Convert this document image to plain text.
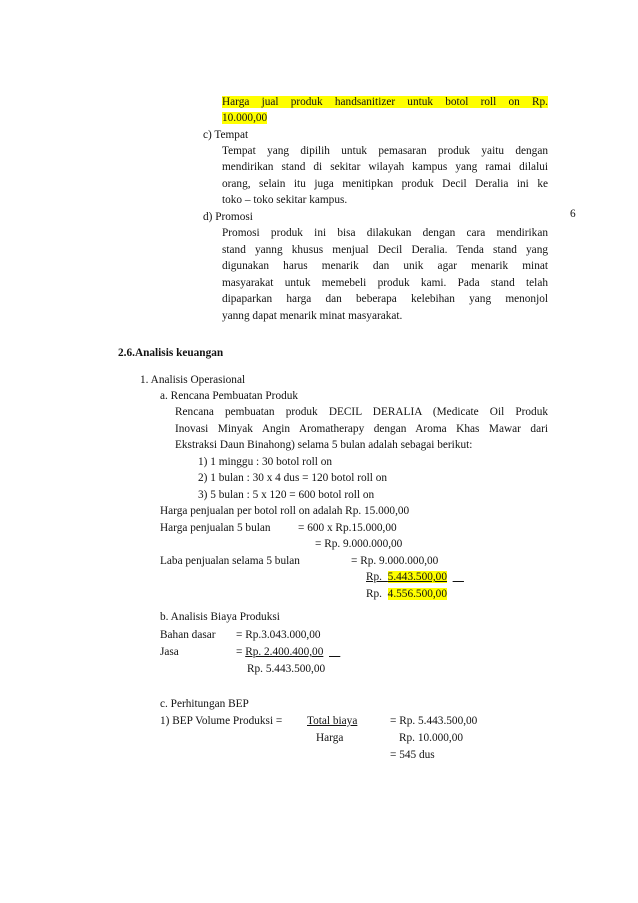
6
Harga jual produk handsanitizer untuk botol roll on Rp.
10.000,00
c) Tempat
Tempat yang dipilih untuk pemasaran produk yaitu dengan
mendirikan stand di sekitar wilayah kampus yang ramai dilalui
orang, selain itu juga menitipkan produk Decil Deralia ini ke
toko – toko sekitar kampus.
d) Promosi
Promosi produk ini bisa dilakukan dengan cara mendirikan
stand yanng khusus menjual Decil Deralia. Tenda stand yang
digunakan harus menarik dan unik agar menarik minat
masyarakat untuk memebeli produk kami. Pada stand telah
dipaparkan harga dan beberapa kelebihan yang menonjol
yanng dapat menarik minat masyarakat.
2.6.Analisis keuangan
1. Analisis Operasional
a. Rencana Pembuatan Produk
Rencana pembuatan produk DECIL DERALIA (Medicate Oil Produk
Inovasi Minyak Angin Aromatherapy dengan Aroma Khas Mawar dari
Ekstraksi Daun Binahong) selama 5 bulan adalah sebagai berikut:
1) 1 minggu : 30 botol roll on
2) 1 bulan : 30 x 4 dus = 120 botol roll on
3) 5 bulan : 5 x 120 = 600 botol roll on
Harga penjualan per botol roll on adalah Rp. 15.000,00
Harga penjualan 5 bulan = 600 x Rp.15.000,00
= Rp. 9.000.000,00
Laba penjualan selama 5 bulan	= Rp. 9.000.000,00
Rp. 5.443.500,00
Rp. 4.556.500,00
b. Analisis Biaya Produksi
Bahan dasar = Rp.3.043.000,00
Jasa	= Rp. 2.400.400,00
Rp. 5.443.500,00
c. Perhitungan BEP
1) BEP Volume Produksi = Total biaya	= Rp. 5.443.500,00
Harga	Rp. 10.000,00
= 545 dus
